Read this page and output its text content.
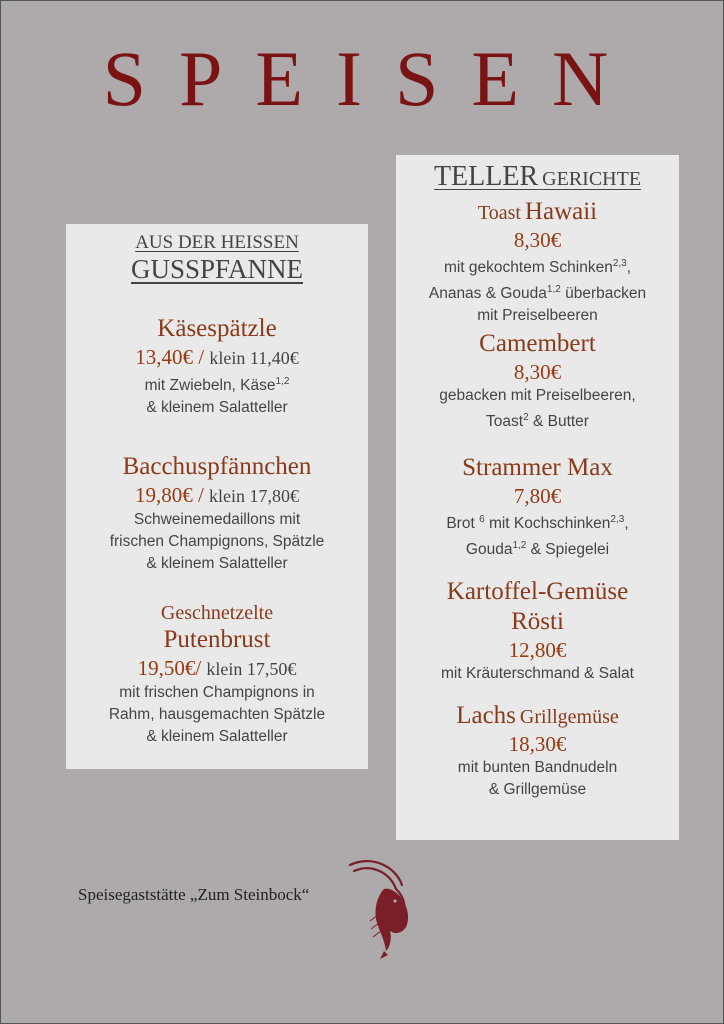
SPEISEN
AUS DER HEISSEN
GUSSPFANNE
Käsespätzle
13,40€ / klein 11,40€
mit Zwiebeln, Käse$^{1,2}$
& kleinem Salatteller
Bacchuspfännchen
19,80€ / klein 17,80€
Schweinemedaillons mit
frischen Champignons, Spätzle
& kleinem Salatteller
Geschnetzelte
Putenbrust
19,50€/ klein 17,50€
mit frischen Champignons in
Rahm, hausgemachten Spätzle
& kleinem Salatteller
TELLER GERICHTE
Toast Hawaii
8,30€
mit gekochtem Schinken$^{2,3}$,
Ananas & Gouda$^{1,2}$ überbacken
mit Preiselbeeren
Camembert
8,30€
gebacken mit Preiselbeeren,
Toast$^2$ & Butter
Strammer Max
7,80€
Brot $^6$ mit Kochschinken$^{2,3}$,
Gouda$^{1,2}$ & Spiegelei
Kartoffel-Gemüse
Rösti
12,80€
mit Kräuterschmand & Salat
Lachs Grillgemüse
18,30€
mit bunten Bandnudeln
& Grillgemüse
Speisegaststätte „Zum Steinbock“
